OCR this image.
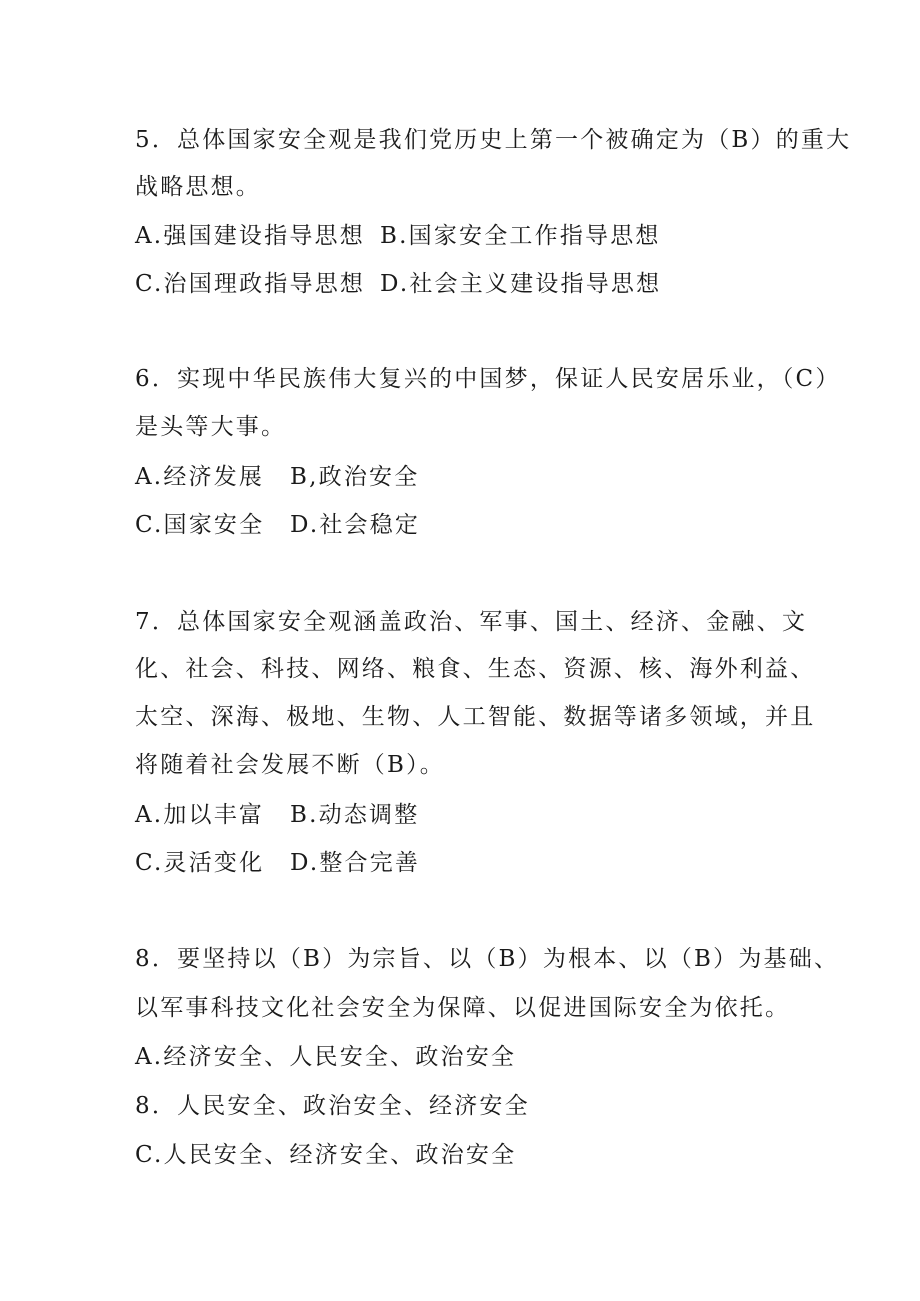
5．总体国家安全观是我们党历史上第一个被确定为（B）的重大
战略思想。
A.强国建设指导思想 B.国家安全工作指导思想
C.治国理政指导思想 D.社会主义建设指导思想
6．实现中华民族伟大复兴的中国梦，保证人民安居乐业，（C）
是头等大事。
A.经济发展 B,政治安全
C.国家安全 D.社会稳定
7．总体国家安全观涵盖政治、军事、国土、经济、金融、文
化、社会、科技、网络、粮食、生态、资源、核、海外利益、
太空、深海、极地、生物、人工智能、数据等诸多领域，并且
将随着社会发展不断（B）。
A.加以丰富 B.动态调整
C.灵活变化 D.整合完善
8．要坚持以（B）为宗旨、以（B）为根本、以（B）为基础、
以军事科技文化社会安全为保障、以促进国际安全为依托。
A.经济安全、人民安全、政治安全
8．人民安全、政治安全、经济安全
C.人民安全、经济安全、政治安全
